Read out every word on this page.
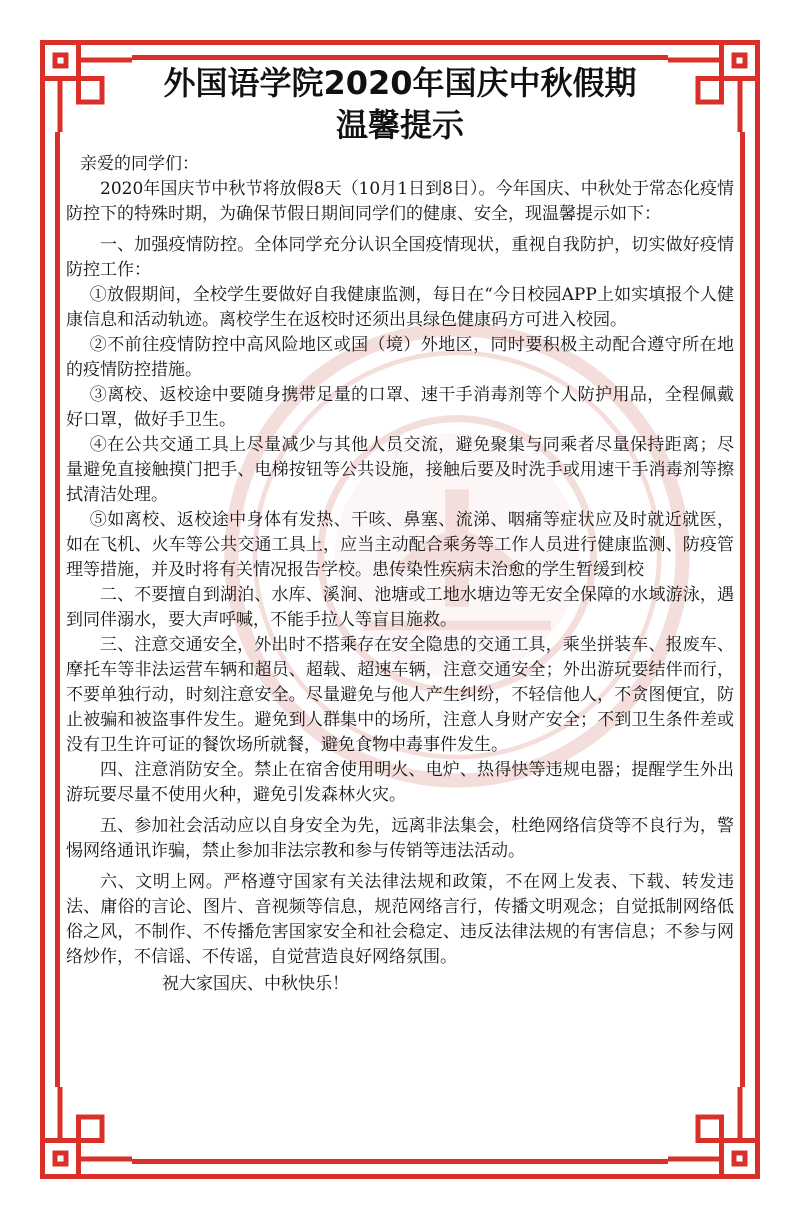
外国语学院2020年国庆中秋假期
温馨提示

亲爱的同学们：

2020年国庆节中秋节将放假8天（10月1日到8日）。今年国庆、中秋处于常态化疫情防控下的特殊时期，为确保节假日期间同学们的健康、安全，现温馨提示如下：

一、加强疫情防控。全体同学充分认识全国疫情现状，重视自我防护，切实做好疫情防控工作：

①放假期间，全校学生要做好自我健康监测，每日在“今日校园APP上如实填报个人健康信息和活动轨迹。离校学生在返校时还须出具绿色健康码方可进入校园。

②不前往疫情防控中高风险地区或国（境）外地区，同时要积极主动配合遵守所在地的疫情防控措施。

③离校、返校途中要随身携带足量的口罩、速干手消毒剂等个人防护用品，全程佩戴好口罩，做好手卫生。

④在公共交通工具上尽量减少与其他人员交流，避免聚集与同乘者尽量保持距离；尽量避免直接触摸门把手、电梯按钮等公共设施，接触后要及时洗手或用速干手消毒剂等擦拭清洁处理。

⑤如离校、返校途中身体有发热、干咳、鼻塞、流涕、咽痛等症状应及时就近就医，如在飞机、火车等公共交通工具上，应当主动配合乘务等工作人员进行健康监测、防疫管理等措施，并及时将有关情况报告学校。患传染性疾病未治愈的学生暂缓到校

二、不要擅自到湖泊、水库、溪涧、池塘或工地水塘边等无安全保障的水域游泳，遇到同伴溺水，要大声呼喊，不能手拉人等盲目施救。

三、注意交通安全，外出时不搭乘存在安全隐患的交通工具，乘坐拼装车、报废车、摩托车等非法运营车辆和超员、超载、超速车辆，注意交通安全；外出游玩要结伴而行，不要单独行动，时刻注意安全。尽量避免与他人产生纠纷，不轻信他人，不贪图便宜，防止被骗和被盗事件发生。避免到人群集中的场所，注意人身财产安全；不到卫生条件差或没有卫生许可证的餐饮场所就餐，避免食物中毒事件发生。

四、注意消防安全。禁止在宿舍使用明火、电炉、热得快等违规电器；提醒学生外出游玩要尽量不使用火种，避免引发森林火灾。

五、参加社会活动应以自身安全为先，远离非法集会，杜绝网络信贷等不良行为，警惕网络通讯诈骗，禁止参加非法宗教和参与传销等违法活动。

六、文明上网。严格遵守国家有关法律法规和政策，不在网上发表、下载、转发违法、庸俗的言论、图片、音视频等信息，规范网络言行，传播文明观念；自觉抵制网络低俗之风，不制作、不传播危害国家安全和社会稳定、违反法律法规的有害信息；不参与网络炒作，不信谣、不传谣，自觉营造良好网络氛围。

祝大家国庆、中秋快乐！
